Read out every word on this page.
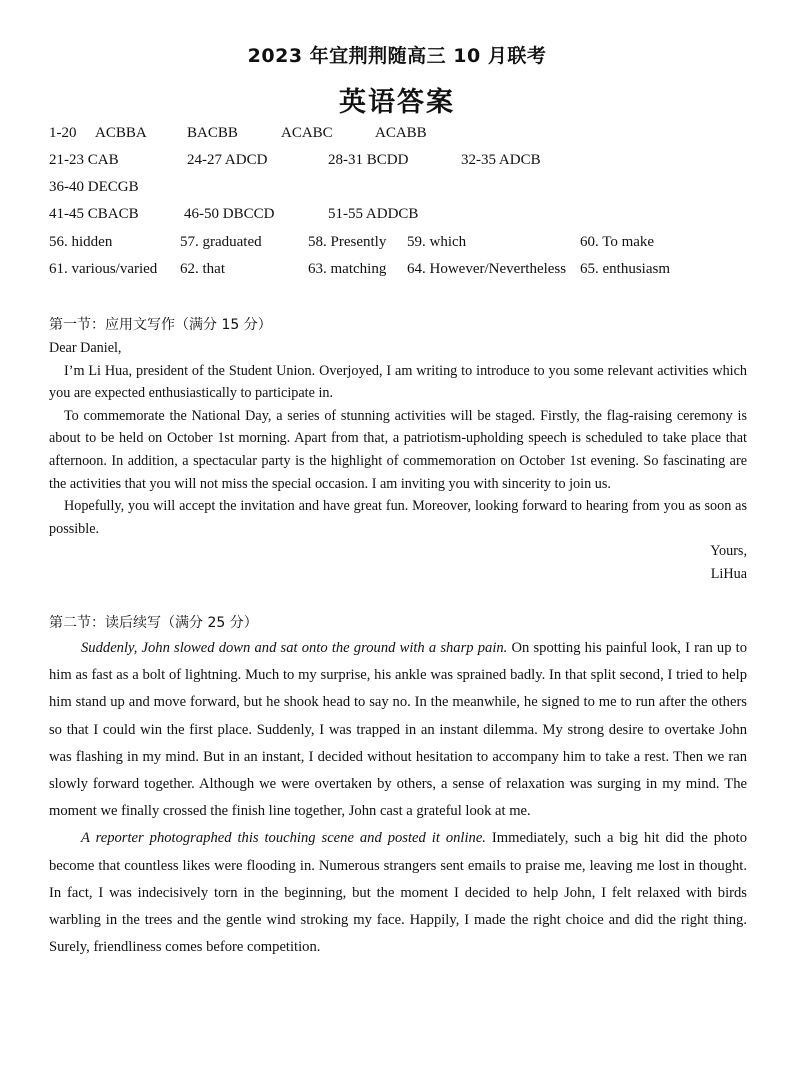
2023 年宜荆荆随高三 10 月联考
英语答案
1-20 ACBBA	BACBB	ACABC	ACABB
21-23 CAB	24-27 ADCD	28-31 BCDD	32-35 ADCB
36-40 DECGB
41-45 CBACB	46-50 DBCCD	51-55 ADDCB
56. hidden	57. graduated	58. Presently 59. which	60. To make
61. various/varied 62. that	63. matching 64. However/Nevertheless 65. enthusiasm
第一节：应用文写作（满分 15 分）

Dear Daniel,

I’m Li Hua, president of the Student Union. Overjoyed, I am writing to introduce to you some relevant activities which you are expected enthusiastically to participate in.

To commemorate the National Day, a series of stunning activities will be staged. Firstly, the flag-raising ceremony is about to be held on October 1st morning. Apart from that, a patriotism-upholding speech is scheduled to take place that afternoon. In addition, a spectacular party is the highlight of commemoration on October 1st evening. So fascinating are the activities that you will not miss the special occasion. I am inviting you with sincerity to join us.

Hopefully, you will accept the invitation and have great fun. Moreover, looking forward to hearing from you as soon as possible.

Yours,

LiHua

第二节：读后续写（满分 25 分）

Suddenly, John slowed down and sat onto the ground with a sharp pain. On spotting his painful look, I ran up to him as fast as a bolt of lightning. Much to my surprise, his ankle was sprained badly. In that split second, I tried to help him stand up and move forward, but he shook head to say no. In the meanwhile, he signed to me to run after the others so that I could win the first place. Suddenly, I was trapped in an instant dilemma. My strong desire to overtake John was flashing in my mind. But in an instant, I decided without hesitation to accompany him to take a rest. Then we ran slowly forward together. Although we were overtaken by others, a sense of relaxation was surging in my mind. The moment we finally crossed the finish line together, John cast a grateful look at me.

A reporter photographed this touching scene and posted it online. Immediately, such a big hit did the photo become that countless likes were flooding in. Numerous strangers sent emails to praise me, leaving me lost in thought. In fact, I was indecisively torn in the beginning, but the moment I decided to help John, I felt relaxed with birds warbling in the trees and the gentle wind stroking my face. Happily, I made the right choice and did the right thing. Surely, friendliness comes before competition.
